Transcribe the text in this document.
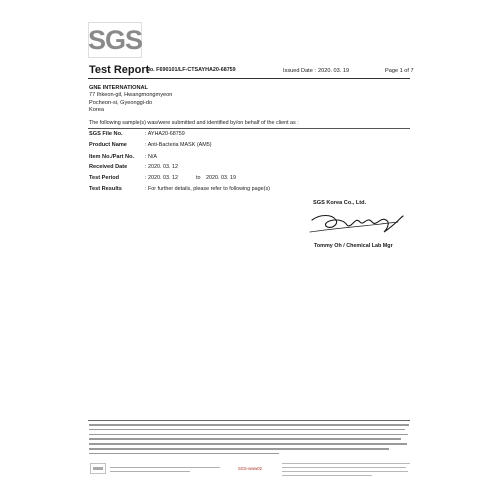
SGS
Test Report
No. F690101/LF-CTSAYHA20-68759	Issued Date : 2020. 03. 19	Page 1 of 7
GNE INTERNATIONAL
77 Ihkeon-gil, Hwangmongmyeon
Pocheon-si, Gyeonggi-do
Korea
The following sample(s) was/were submitted and identified by/on behalf of the client as :
SGS File No.	: AYHA20-68759
Product Name	: Anti-Bacteria MASK (AM5)
Item No./Part No. : N/A
Received Date	: 2020. 03. 12
Test Period	: 2020. 03. 12	to 2020. 03. 19
Test Results	: For further details, please refer to following page(s)
SGS Korea Co., Ltd.
Tommy Oh / Chemical Lab Mgr
SGS-www02
